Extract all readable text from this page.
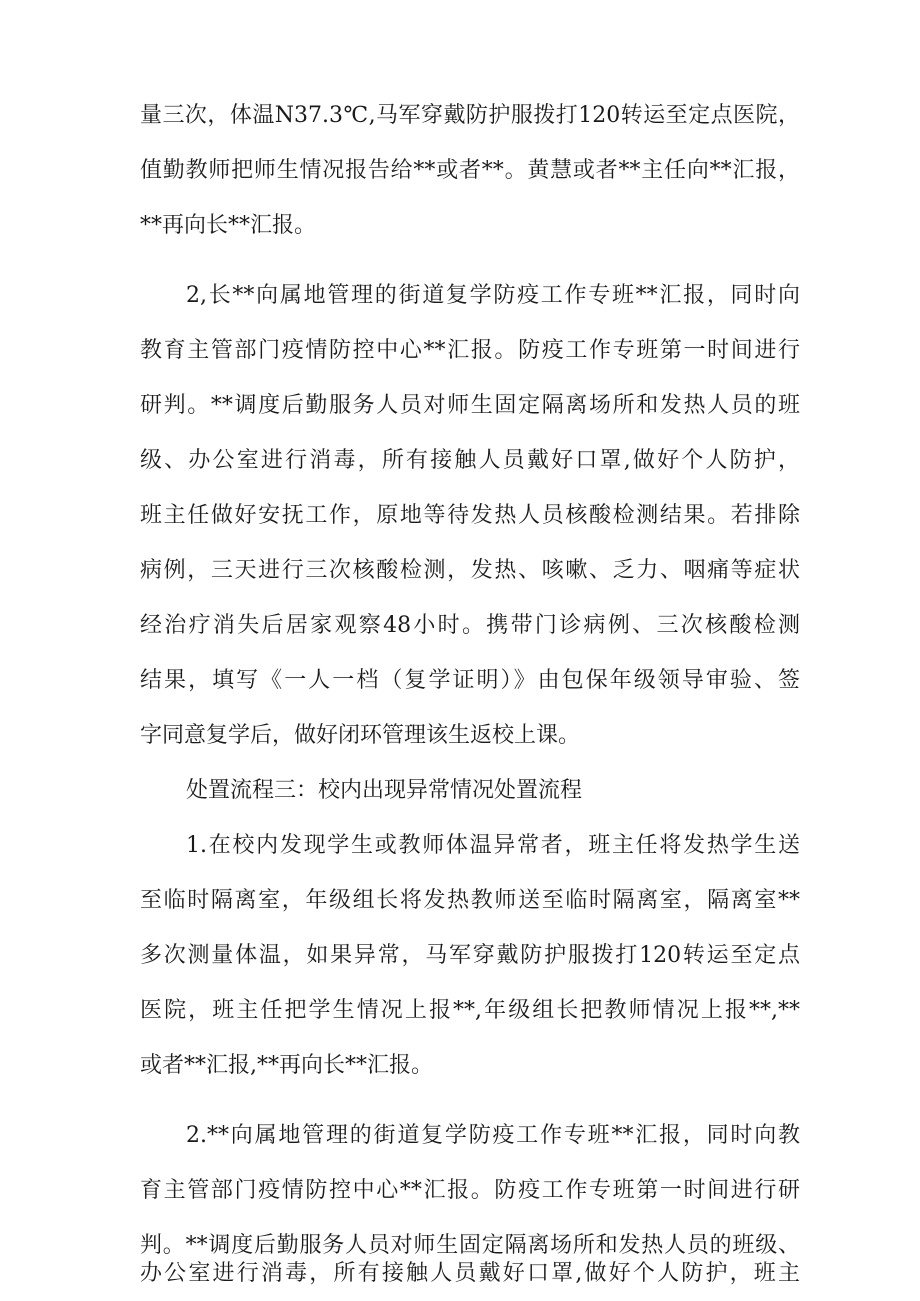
量三次，体温N37.3℃,马军穿戴防护服拨打120转运至定点医院，
值勤教师把师生情况报告给**或者**。黄慧或者**主任向**汇报，
**再向长**汇报。
2,长**向属地管理的街道复学防疫工作专班**汇报，同时向
教育主管部门疫情防控中心**汇报。防疫工作专班第一时间进行
研判。**调度后勤服务人员对师生固定隔离场所和发热人员的班
级、办公室进行消毒，所有接触人员戴好口罩,做好个人防护，
班主任做好安抚工作，原地等待发热人员核酸检测结果。若排除
病例，三天进行三次核酸检测，发热、咳嗽、乏力、咽痛等症状
经治疗消失后居家观察48小时。携带门诊病例、三次核酸检测
结果，填写《一人一档（复学证明）》由包保年级领导审验、签
字同意复学后，做好闭环管理该生返校上课。
处置流程三：校内出现异常情况处置流程
1.在校内发现学生或教师体温异常者，班主任将发热学生送
至临时隔离室，年级组长将发热教师送至临时隔离室，隔离室**
多次测量体温，如果异常，马军穿戴防护服拨打120转运至定点
医院，班主任把学生情况上报**,年级组长把教师情况上报**,**
或者**汇报,**再向长**汇报。
2.**向属地管理的街道复学防疫工作专班**汇报，同时向教
育主管部门疫情防控中心**汇报。防疫工作专班第一时间进行研
判。**调度后勤服务人员对师生固定隔离场所和发热人员的班级、
办公室进行消毒，所有接触人员戴好口罩,做好个人防护，班主
